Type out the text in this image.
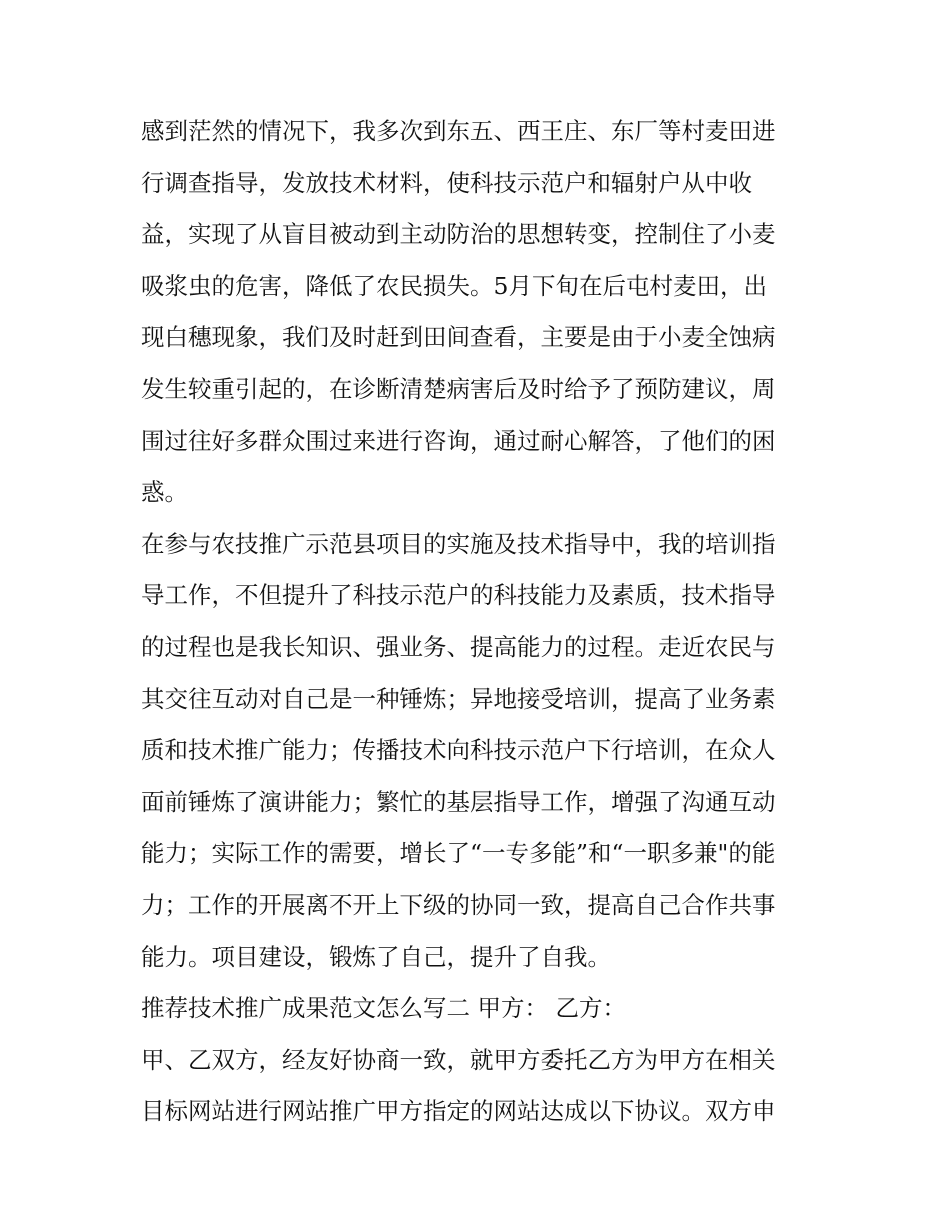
感到茫然的情况下，我多次到东五、西王庄、东厂等村麦田进
行调查指导，发放技术材料，使科技示范户和辐射户从中收
益，实现了从盲目被动到主动防治的思想转变，控制住了小麦
吸浆虫的危害，降低了农民损失。5月下旬在后屯村麦田，出
现白穗现象，我们及时赶到田间查看，主要是由于小麦全蚀病
发生较重引起的，在诊断清楚病害后及时给予了预防建议，周
围过往好多群众围过来进行咨询，通过耐心解答，了他们的困
惑。
在参与农技推广示范县项目的实施及技术指导中，我的培训指
导工作，不但提升了科技示范户的科技能力及素质，技术指导
的过程也是我长知识、强业务、提高能力的过程。走近农民与
其交往互动对自己是一种锤炼；异地接受培训，提高了业务素
质和技术推广能力；传播技术向科技示范户下行培训，在众人
面前锤炼了演讲能力；繁忙的基层指导工作，增强了沟通互动
能力；实际工作的需要，增长了“一专多能”和“一职多兼"的能
力；工作的开展离不开上下级的协同一致，提高自己合作共事
能力。项目建设，锻炼了自己，提升了自我。
推荐技术推广成果范文怎么写二 甲方： 乙方：
甲、乙双方，经友好协商一致，就甲方委托乙方为甲方在相关
目标网站进行网站推广甲方指定的网站达成以下协议。双方申
